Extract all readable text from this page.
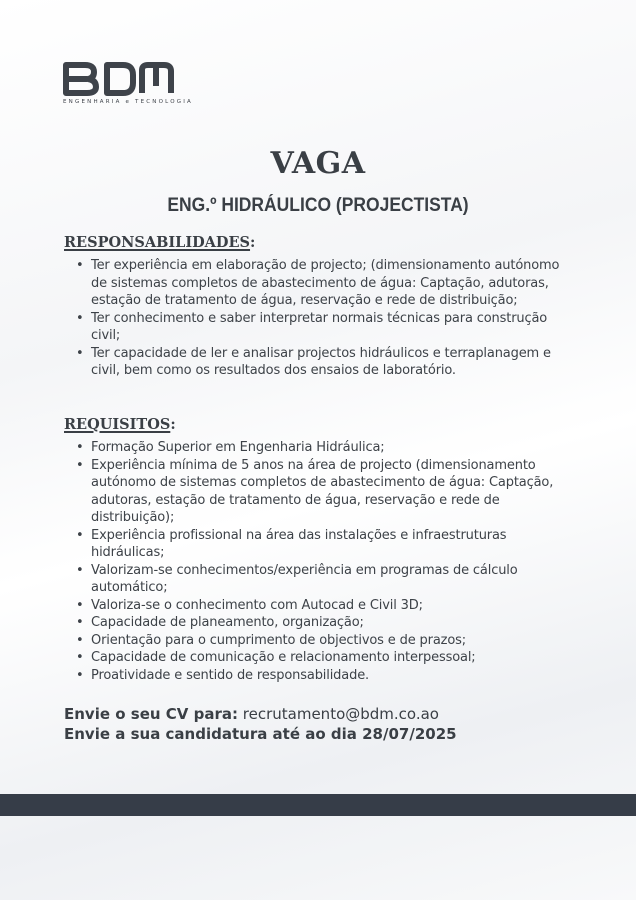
ENGENHARIA e TECNOLOGIA
VAGA
ENG.º HIDRÁULICO (PROJECTISTA)
RESPONSABILIDADES:
• Ter experiência em elaboração de projecto; (dimensionamento autónomo de sistemas completos de abastecimento de água: Captação, adutoras, estação de tratamento de água, reservação e rede de distribuição;
• Ter conhecimento e saber interpretar normais técnicas para construção civil;
• Ter capacidade de ler e analisar projectos hidráulicos e terraplanagem e civil, bem como os resultados dos ensaios de laboratório.
REQUISITOS:
• Formação Superior em Engenharia Hidráulica;
• Experiência mínima de 5 anos na área de projecto (dimensionamento autónomo de sistemas completos de abastecimento de água: Captação, adutoras, estação de tratamento de água, reservação e rede de distribuição);
• Experiência profissional na área das instalações e infraestruturas hidráulicas;
• Valorizam-se conhecimentos/experiência em programas de cálculo automático;
• Valoriza-se o conhecimento com Autocad e Civil 3D;
• Capacidade de planeamento, organização;
• Orientação para o cumprimento de objectivos e de prazos;
• Capacidade de comunicação e relacionamento interpessoal;
• Proatividade e sentido de responsabilidade.
Envie o seu CV para: recrutamento@bdm.co.ao
Envie a sua candidatura até ao dia 28/07/2025
